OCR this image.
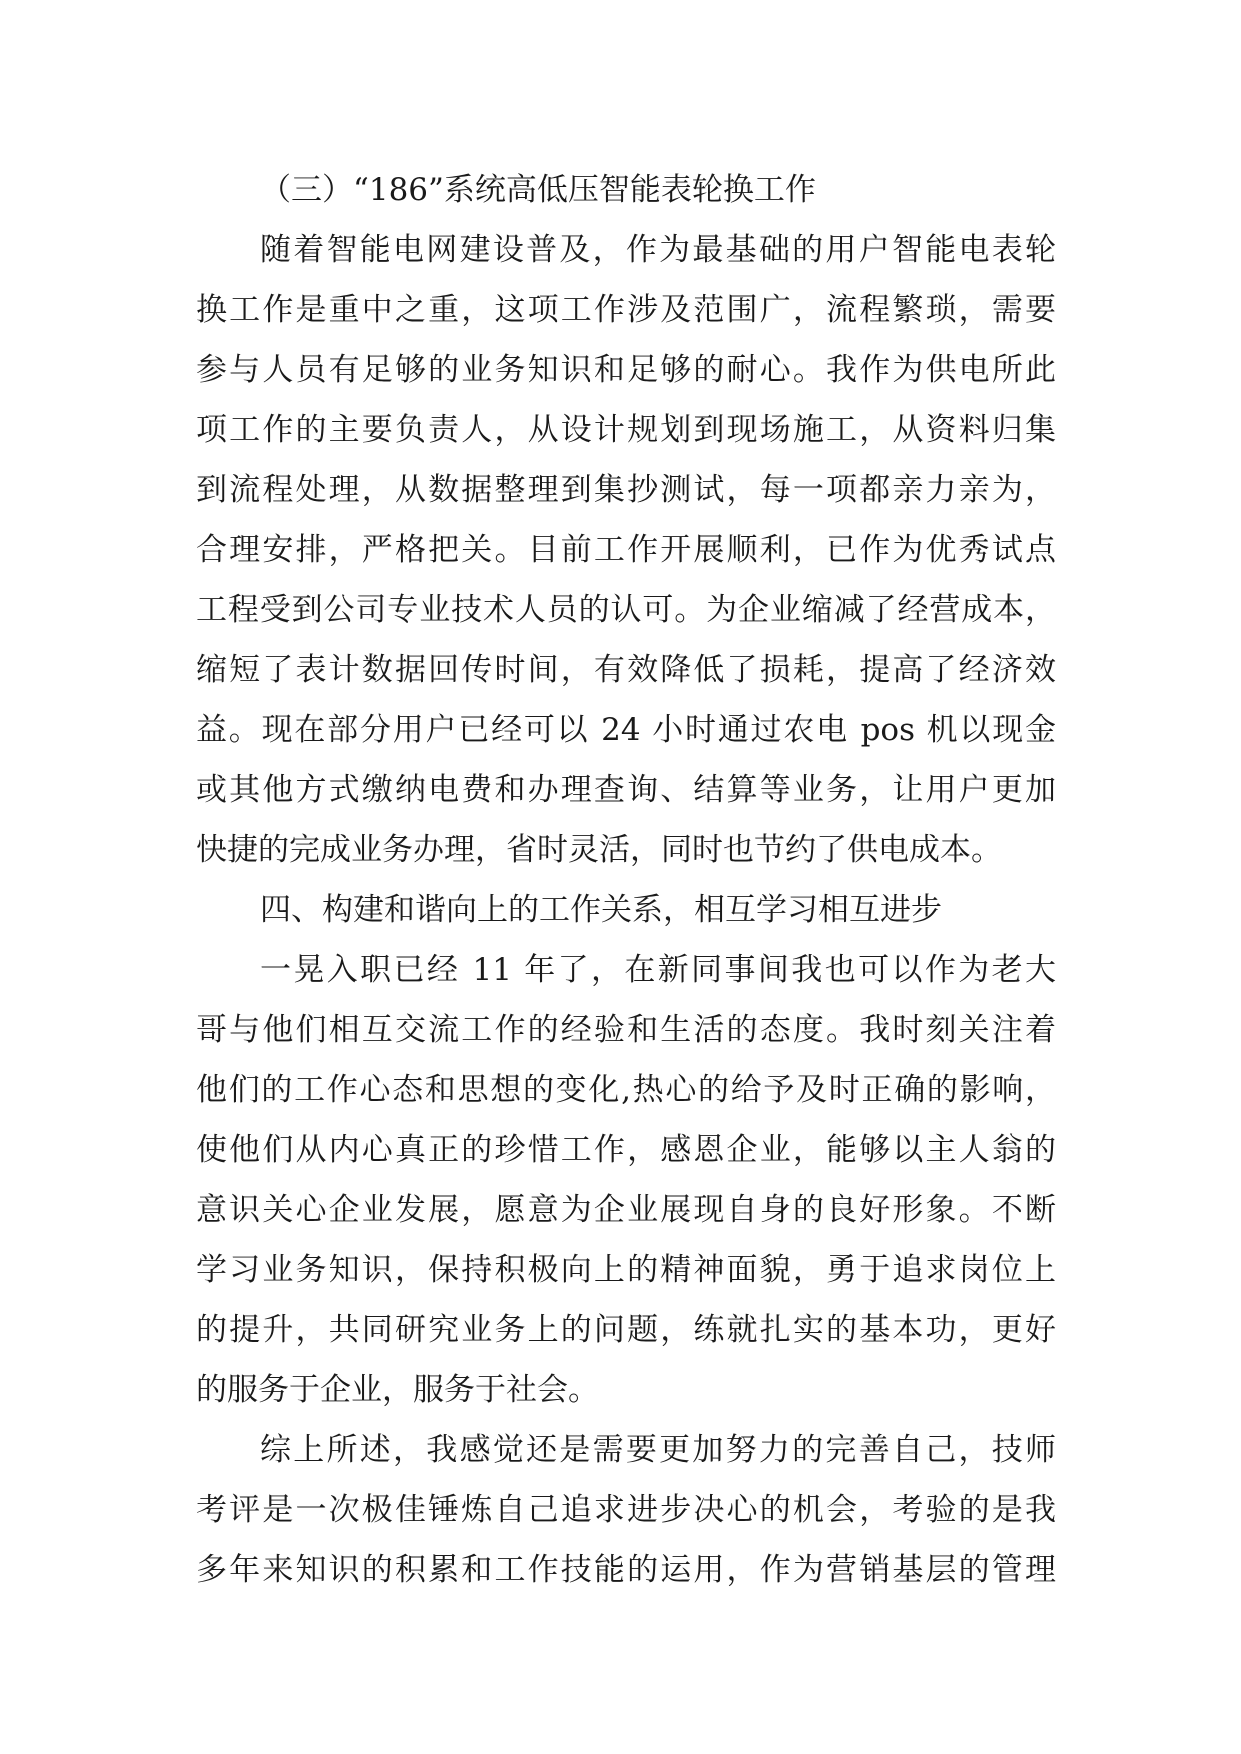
（三）“186”系统高低压智能表轮换工作
随着智能电网建设普及，作为最基础的用户智能电表轮
换工作是重中之重，这项工作涉及范围广，流程繁琐，需要
参与人员有足够的业务知识和足够的耐心。我作为供电所此
项工作的主要负责人，从设计规划到现场施工，从资料归集
到流程处理，从数据整理到集抄测试，每一项都亲力亲为，
合理安排，严格把关。目前工作开展顺利，已作为优秀试点
工程受到公司专业技术人员的认可。为企业缩减了经营成本，
缩短了表计数据回传时间，有效降低了损耗，提高了经济效
益。现在部分用户已经可以 24 小时通过农电 pos 机以现金
或其他方式缴纳电费和办理查询、结算等业务，让用户更加
快捷的完成业务办理，省时灵活，同时也节约了供电成本。
四、构建和谐向上的工作关系，相互学习相互进步
一晃入职已经 11 年了，在新同事间我也可以作为老大
哥与他们相互交流工作的经验和生活的态度。我时刻关注着
他们的工作心态和思想的变化,热心的给予及时正确的影响，
使他们从内心真正的珍惜工作，感恩企业，能够以主人翁的
意识关心企业发展，愿意为企业展现自身的良好形象。不断
学习业务知识，保持积极向上的精神面貌，勇于追求岗位上
的提升，共同研究业务上的问题，练就扎实的基本功，更好
的服务于企业，服务于社会。
综上所述，我感觉还是需要更加努力的完善自己，技师
考评是一次极佳锤炼自己追求进步决心的机会，考验的是我
多年来知识的积累和工作技能的运用，作为营销基层的管理
